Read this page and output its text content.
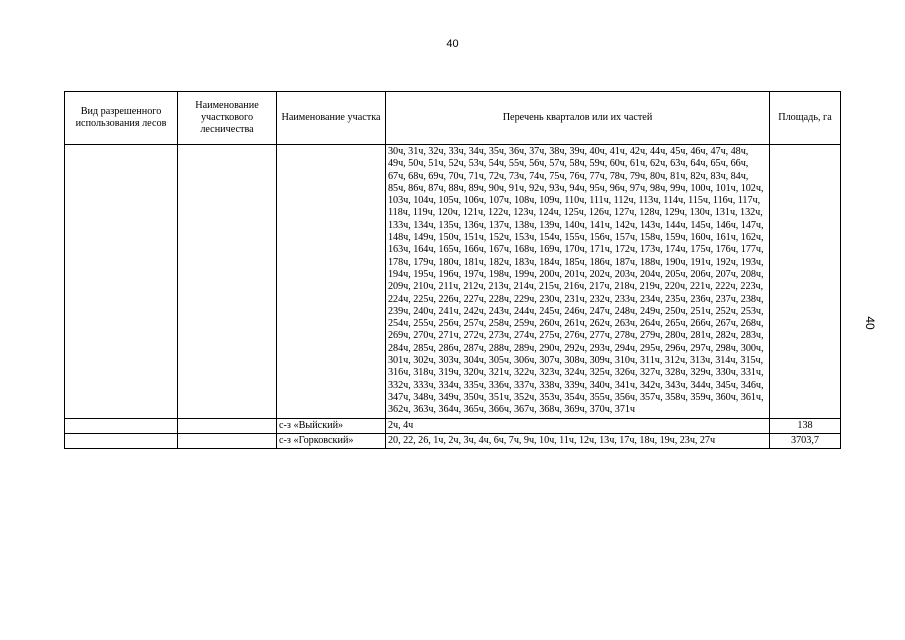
40
40
Вид разрешенного использования лесов	Наименование участкового лесничества	Наименование участка	Перечень кварталов или их частей	Площадь, га
			30ч, 31ч, 32ч, 33ч, 34ч, 35ч, 36ч, 37ч, 38ч, 39ч, 40ч, 41ч, 42ч, 44ч, 45ч, 46ч, 47ч, 48ч, 49ч, 50ч, 51ч, 52ч, 53ч, 54ч, 55ч, 56ч, 57ч, 58ч, 59ч, 60ч, 61ч, 62ч, 63ч, 64ч, 65ч, 66ч, 67ч, 68ч, 69ч, 70ч, 71ч, 72ч, 73ч, 74ч, 75ч, 76ч, 77ч, 78ч, 79ч, 80ч, 81ч, 82ч, 83ч, 84ч, 85ч, 86ч, 87ч, 88ч, 89ч, 90ч, 91ч, 92ч, 93ч, 94ч, 95ч, 96ч, 97ч, 98ч, 99ч, 100ч, 101ч, 102ч, 103ч, 104ч, 105ч, 106ч, 107ч, 108ч, 109ч, 110ч, 111ч, 112ч, 113ч, 114ч, 115ч, 116ч, 117ч, 118ч, 119ч, 120ч, 121ч, 122ч, 123ч, 124ч, 125ч, 126ч, 127ч, 128ч, 129ч, 130ч, 131ч, 132ч, 133ч, 134ч, 135ч, 136ч, 137ч, 138ч, 139ч, 140ч, 141ч, 142ч, 143ч, 144ч, 145ч, 146ч, 147ч, 148ч, 149ч, 150ч, 151ч, 152ч, 153ч, 154ч, 155ч, 156ч, 157ч, 158ч, 159ч, 160ч, 161ч, 162ч, 163ч, 164ч, 165ч, 166ч, 167ч, 168ч, 169ч, 170ч, 171ч, 172ч, 173ч, 174ч, 175ч, 176ч, 177ч, 178ч, 179ч, 180ч, 181ч, 182ч, 183ч, 184ч, 185ч, 186ч, 187ч, 188ч, 190ч, 191ч, 192ч, 193ч, 194ч, 195ч, 196ч, 197ч, 198ч, 199ч, 200ч, 201ч, 202ч, 203ч, 204ч, 205ч, 206ч, 207ч, 208ч, 209ч, 210ч, 211ч, 212ч, 213ч, 214ч, 215ч, 216ч, 217ч, 218ч, 219ч, 220ч, 221ч, 222ч, 223ч, 224ч, 225ч, 226ч, 227ч, 228ч, 229ч, 230ч, 231ч, 232ч, 233ч, 234ч, 235ч, 236ч, 237ч, 238ч, 239ч, 240ч, 241ч, 242ч, 243ч, 244ч, 245ч, 246ч, 247ч, 248ч, 249ч, 250ч, 251ч, 252ч, 253ч, 254ч, 255ч, 256ч, 257ч, 258ч, 259ч, 260ч, 261ч, 262ч, 263ч, 264ч, 265ч, 266ч, 267ч, 268ч, 269ч, 270ч, 271ч, 272ч, 273ч, 274ч, 275ч, 276ч, 277ч, 278ч, 279ч, 280ч, 281ч, 282ч, 283ч, 284ч, 285ч, 286ч, 287ч, 288ч, 289ч, 290ч, 292ч, 293ч, 294ч, 295ч, 296ч, 297ч, 298ч, 300ч, 301ч, 302ч, 303ч, 304ч, 305ч, 306ч, 307ч, 308ч, 309ч, 310ч, 311ч, 312ч, 313ч, 314ч, 315ч, 316ч, 318ч, 319ч, 320ч, 321ч, 322ч, 323ч, 324ч, 325ч, 326ч, 327ч, 328ч, 329ч, 330ч, 331ч, 332ч, 333ч, 334ч, 335ч, 336ч, 337ч, 338ч, 339ч, 340ч, 341ч, 342ч, 343ч, 344ч, 345ч, 346ч, 347ч, 348ч, 349ч, 350ч, 351ч, 352ч, 353ч, 354ч, 355ч, 356ч, 357ч, 358ч, 359ч, 360ч, 361ч, 362ч, 363ч, 364ч, 365ч, 366ч, 367ч, 368ч, 369ч, 370ч, 371ч	
		с-з «Выйский»	2ч, 4ч	138
		с-з «Горковский»	20, 22, 26, 1ч, 2ч, 3ч, 4ч, 6ч, 7ч, 9ч, 10ч, 11ч, 12ч, 13ч, 17ч, 18ч, 19ч, 23ч, 27ч	3703,7
